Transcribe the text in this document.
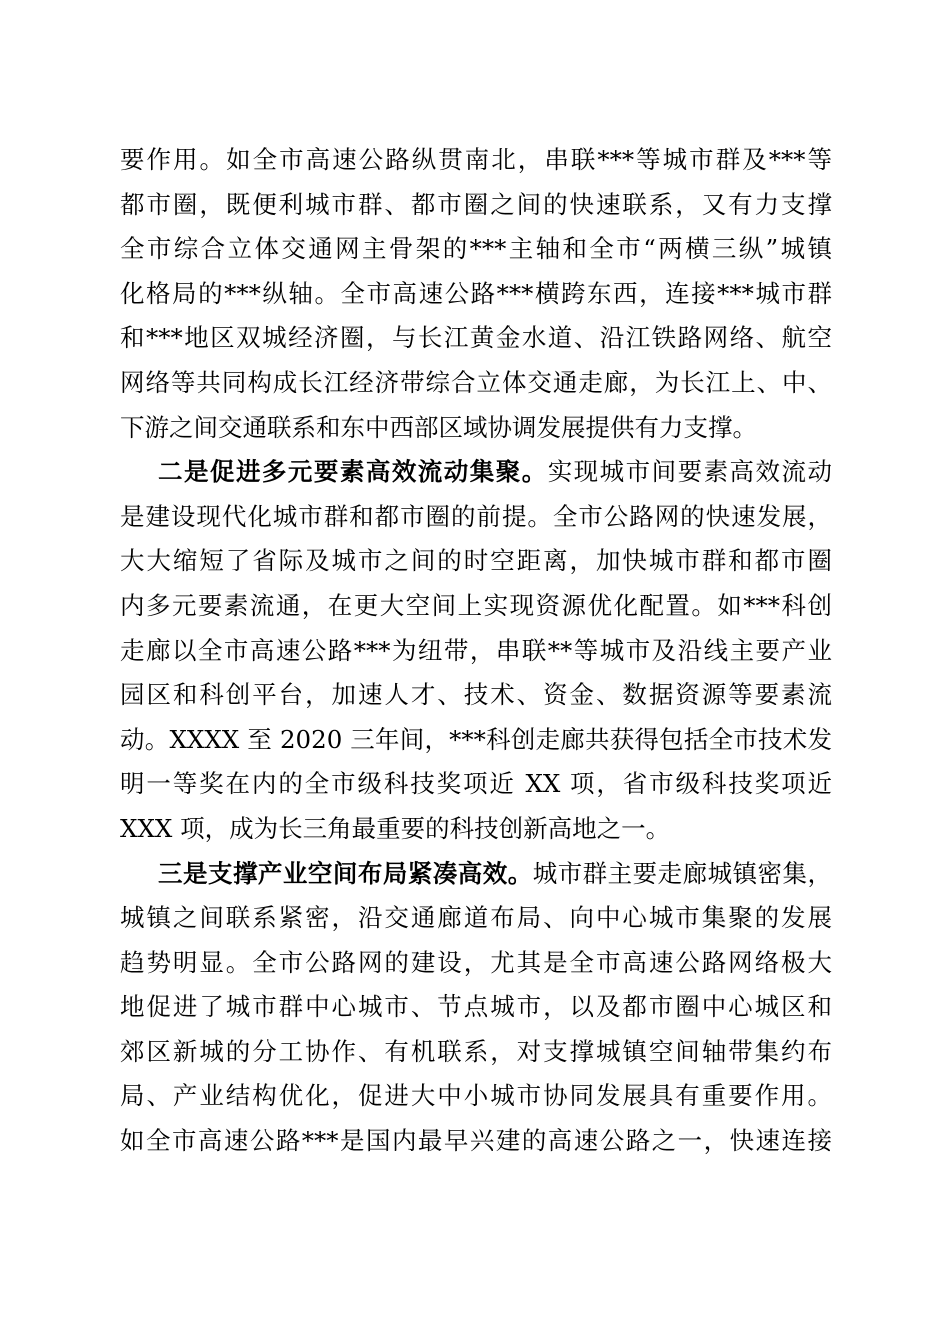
要作用。如全市高速公路纵贯南北，串联***等城市群及***等
都市圈，既便利城市群、都市圈之间的快速联系，又有力支撑
全市综合立体交通网主骨架的***主轴和全市“两横三纵”城镇
化格局的***纵轴。全市高速公路***横跨东西，连接***城市群
和***地区双城经济圈，与长江黄金水道、沿江铁路网络、航空
网络等共同构成长江经济带综合立体交通走廊，为长江上、中、
下游之间交通联系和东中西部区域协调发展提供有力支撑。
二是促进多元要素高效流动集聚。实现城市间要素高效流动
是建设现代化城市群和都市圈的前提。全市公路网的快速发展，
大大缩短了省际及城市之间的时空距离，加快城市群和都市圈
内多元要素流通，在更大空间上实现资源优化配置。如***科创
走廊以全市高速公路***为纽带，串联**等城市及沿线主要产业
园区和科创平台，加速人才、技术、资金、数据资源等要素流
动。XXXX 至 2020 三年间，***科创走廊共获得包括全市技术发
明一等奖在内的全市级科技奖项近 XX 项，省市级科技奖项近
XXX 项，成为长三角最重要的科技创新高地之一。
三是支撑产业空间布局紧凑高效。城市群主要走廊城镇密集，
城镇之间联系紧密，沿交通廊道布局、向中心城市集聚的发展
趋势明显。全市公路网的建设，尤其是全市高速公路网络极大
地促进了城市群中心城市、节点城市，以及都市圈中心城区和
郊区新城的分工协作、有机联系，对支撑城镇空间轴带集约布
局、产业结构优化，促进大中小城市协同发展具有重要作用。
如全市高速公路***是国内最早兴建的高速公路之一，快速连接
